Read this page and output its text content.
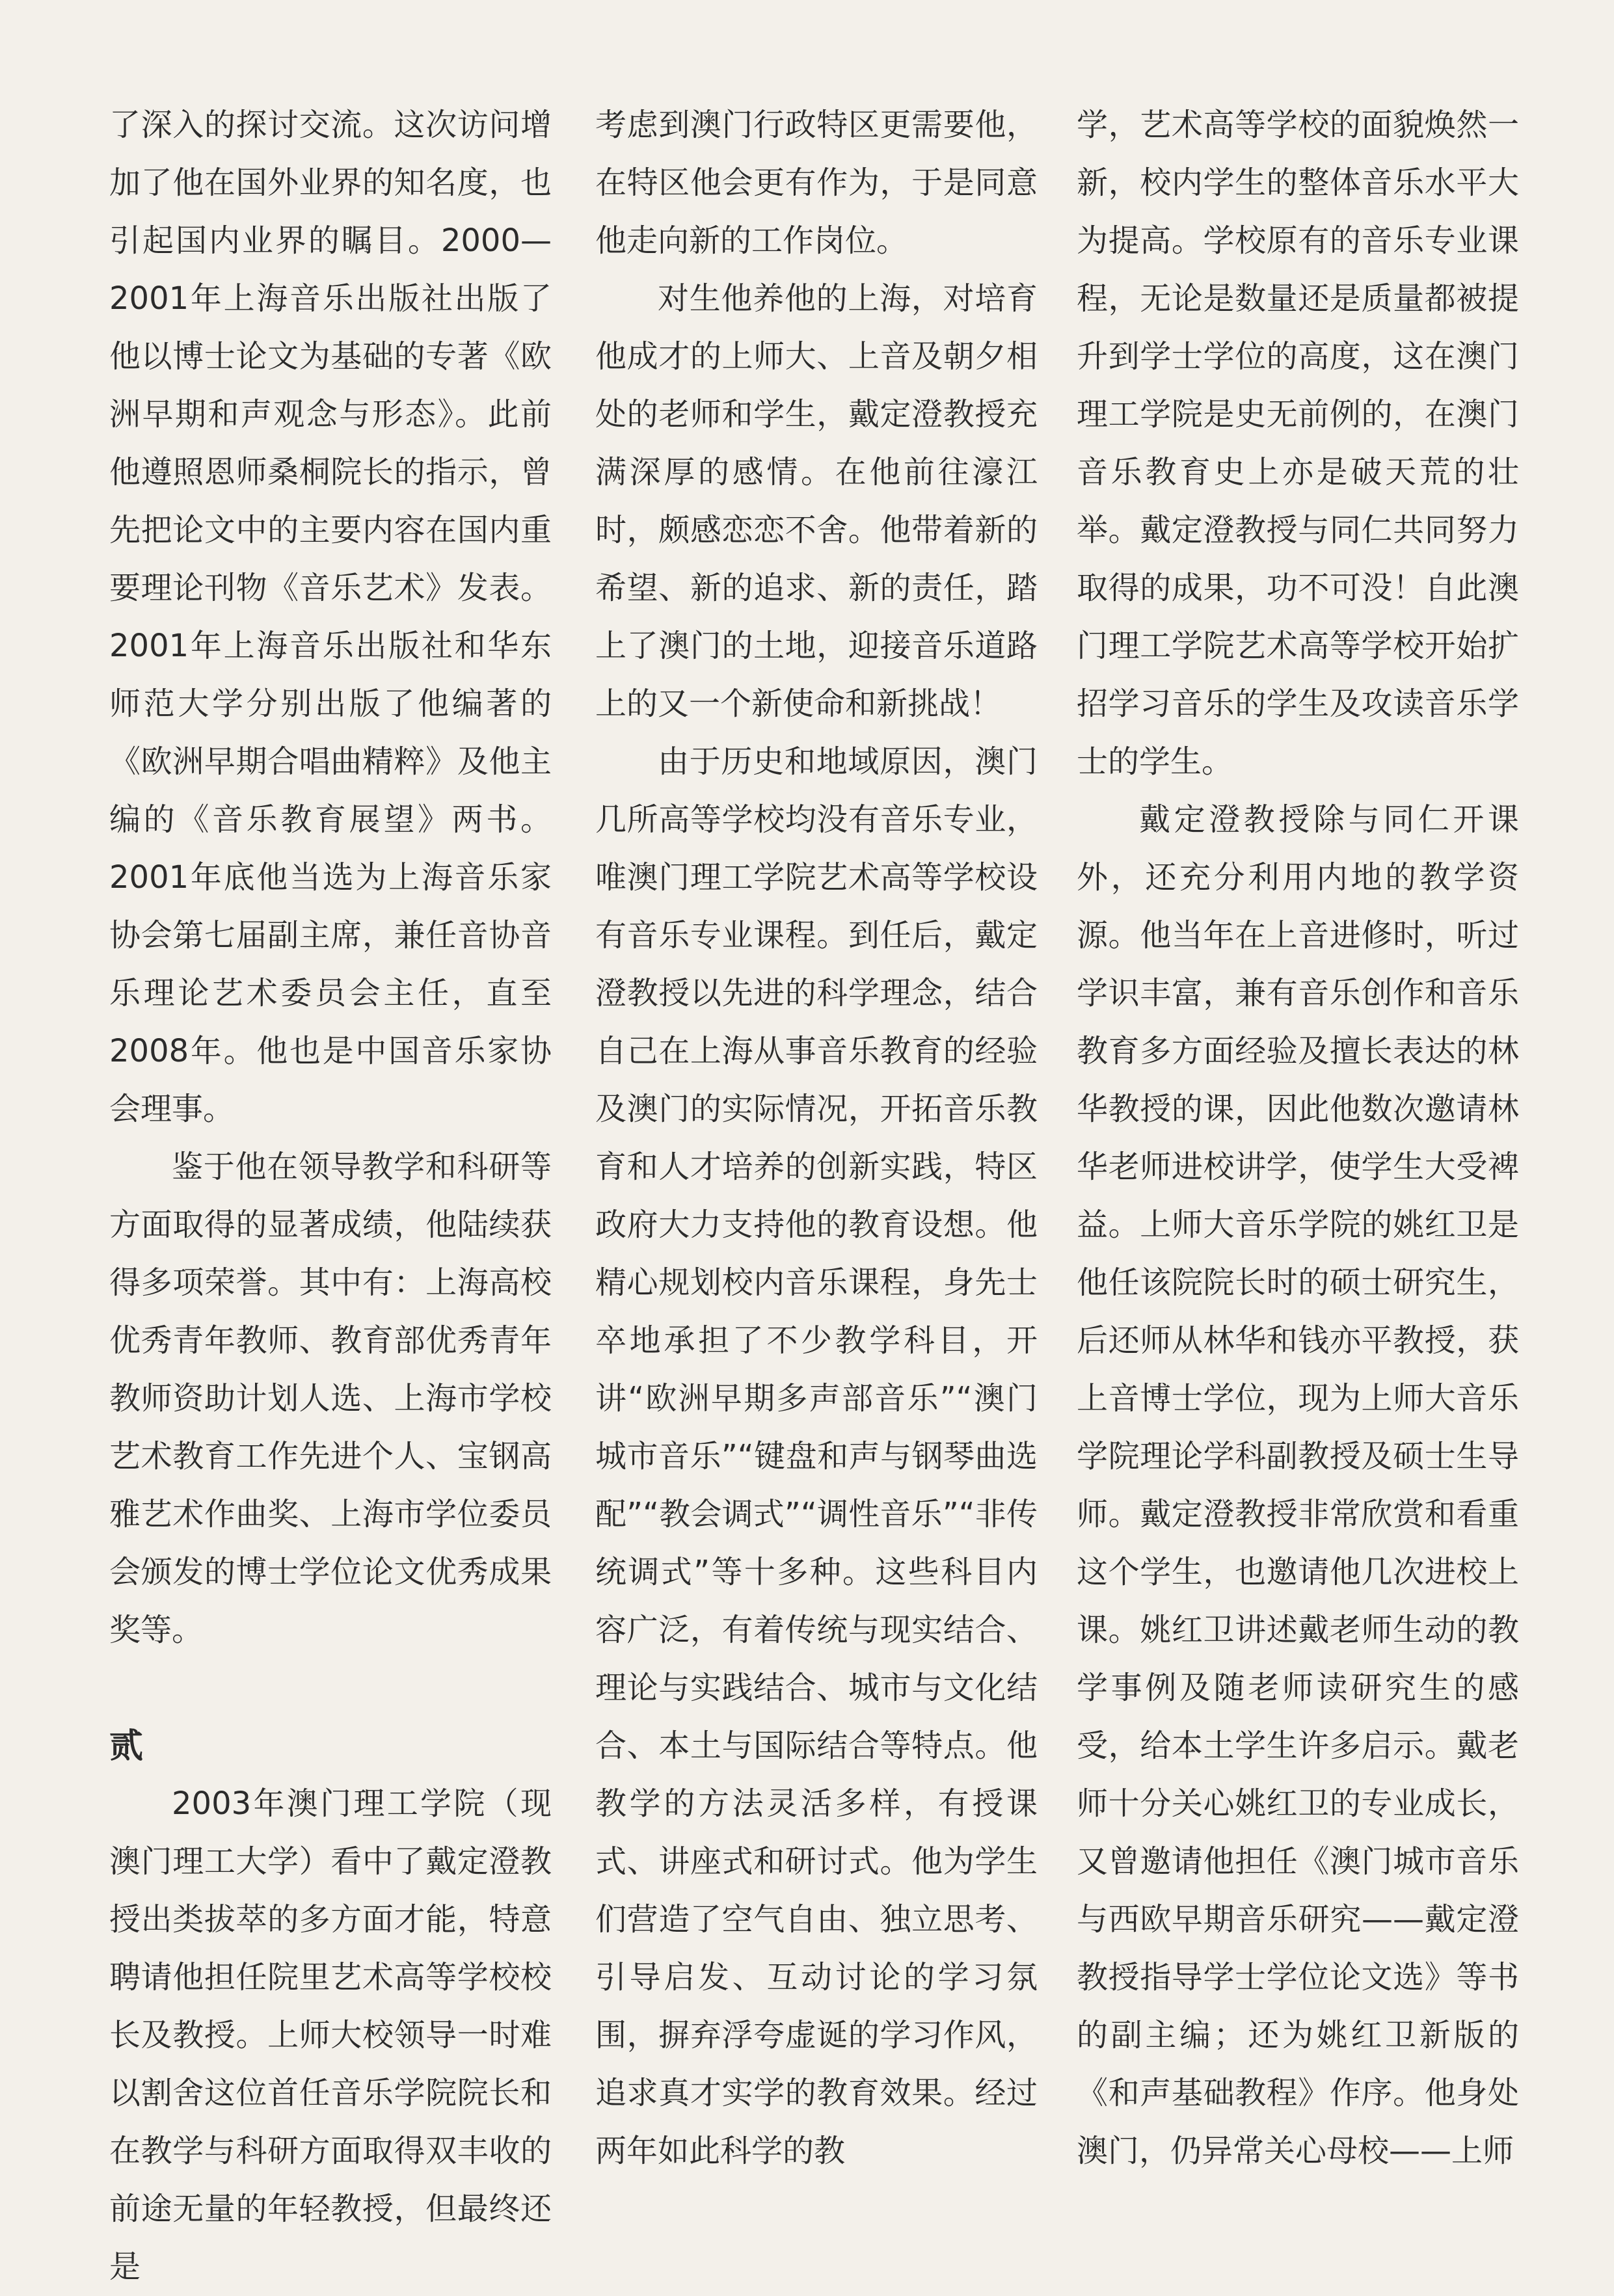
了深入的探讨交流。这次访问增加了他在国外业界的知名度，也引起国内业界的瞩目。2000—2001年上海音乐出版社出版了他以博士论文为基础的专著《欧洲早期和声观念与形态》。此前他遵照恩师桑桐院长的指示，曾先把论文中的主要内容在国内重要理论刊物《音乐艺术》发表。2001年上海音乐出版社和华东师范大学分别出版了他编著的《欧洲早期合唱曲精粹》及他主编的《音乐教育展望》两书。2001年底他当选为上海音乐家协会第七届副主席，兼任音协音乐理论艺术委员会主任，直至2008年。他也是中国音乐家协会理事。

鉴于他在领导教学和科研等方面取得的显著成绩，他陆续获得多项荣誉。其中有：上海高校优秀青年教师、教育部优秀青年教师资助计划人选、上海市学校艺术教育工作先进个人、宝钢高雅艺术作曲奖、上海市学位委员会颁发的博士学位论文优秀成果奖等。

贰

2003年澳门理工学院（现澳门理工大学）看中了戴定澄教授出类拔萃的多方面才能，特意聘请他担任院里艺术高等学校校长及教授。上师大校领导一时难以割舍这位首任音乐学院院长和在教学与科研方面取得双丰收的前途无量的年轻教授，但最终还是

考虑到澳门行政特区更需要他，在特区他会更有作为，于是同意他走向新的工作岗位。

对生他养他的上海，对培育他成才的上师大、上音及朝夕相处的老师和学生，戴定澄教授充满深厚的感情。在他前往濠江时，颇感恋恋不舍。他带着新的希望、新的追求、新的责任，踏上了澳门的土地，迎接音乐道路上的又一个新使命和新挑战！

由于历史和地域原因，澳门几所高等学校均没有音乐专业，唯澳门理工学院艺术高等学校设有音乐专业课程。到任后，戴定澄教授以先进的科学理念，结合自己在上海从事音乐教育的经验及澳门的实际情况，开拓音乐教育和人才培养的创新实践，特区政府大力支持他的教育设想。他精心规划校内音乐课程，身先士卒地承担了不少教学科目，开讲“欧洲早期多声部音乐”“澳门城市音乐”“键盘和声与钢琴曲选配”“教会调式”“调性音乐”“非传统调式”等十多种。这些科目内容广泛，有着传统与现实结合、理论与实践结合、城市与文化结合、本土与国际结合等特点。他教学的方法灵活多样，有授课式、讲座式和研讨式。他为学生们营造了空气自由、独立思考、引导启发、互动讨论的学习氛围，摒弃浮夸虚诞的学习作风，追求真才实学的教育效果。经过两年如此科学的教

学，艺术高等学校的面貌焕然一新，校内学生的整体音乐水平大为提高。学校原有的音乐专业课程，无论是数量还是质量都被提升到学士学位的高度，这在澳门理工学院是史无前例的，在澳门音乐教育史上亦是破天荒的壮举。戴定澄教授与同仁共同努力取得的成果，功不可没！自此澳门理工学院艺术高等学校开始扩招学习音乐的学生及攻读音乐学士的学生。

戴定澄教授除与同仁开课外，还充分利用内地的教学资源。他当年在上音进修时，听过学识丰富，兼有音乐创作和音乐教育多方面经验及擅长表达的林华教授的课，因此他数次邀请林华老师进校讲学，使学生大受裨益。上师大音乐学院的姚红卫是他任该院院长时的硕士研究生，后还师从林华和钱亦平教授，获上音博士学位，现为上师大音乐学院理论学科副教授及硕士生导师。戴定澄教授非常欣赏和看重这个学生，也邀请他几次进校上课。姚红卫讲述戴老师生动的教学事例及随老师读研究生的感受，给本土学生许多启示。戴老师十分关心姚红卫的专业成长，又曾邀请他担任《澳门城市音乐与西欧早期音乐研究——戴定澄教授指导学士学位论文选》等书的副主编；还为姚红卫新版的《和声基础教程》作序。他身处澳门，仍异常关心母校——上师
